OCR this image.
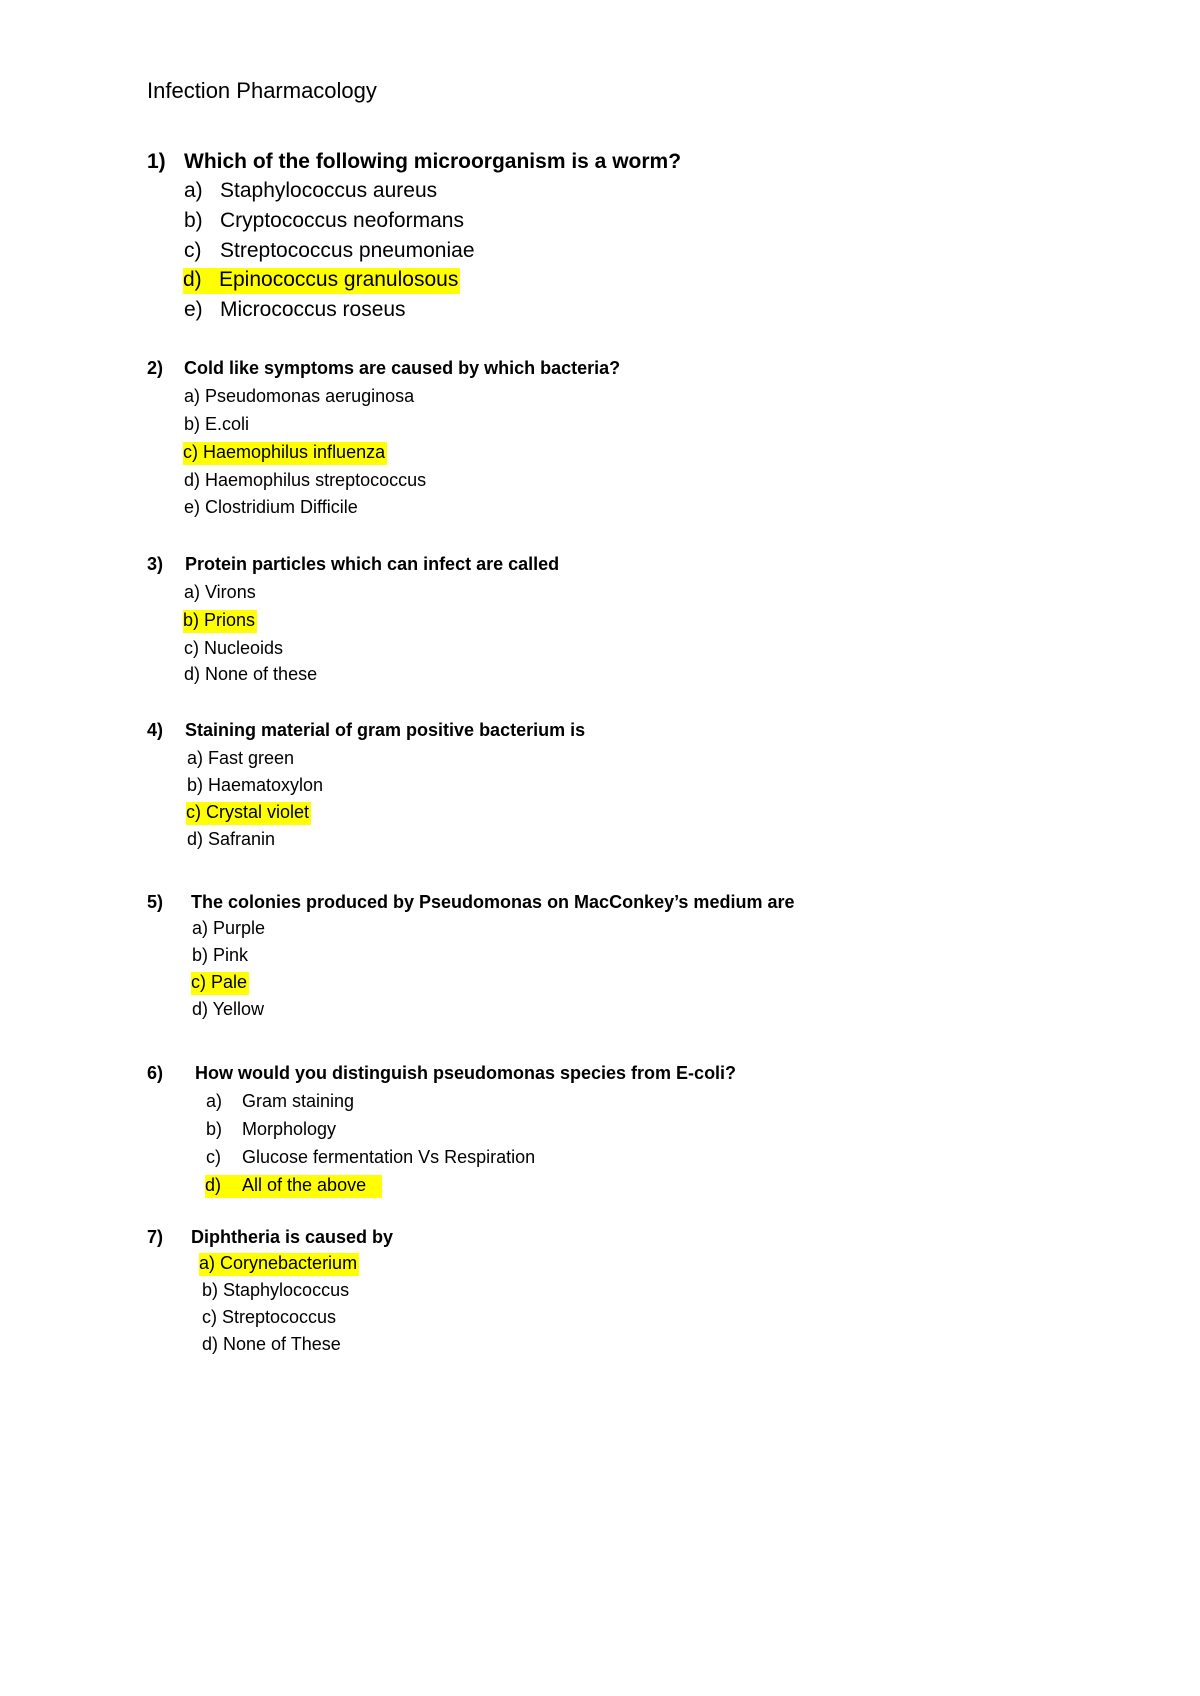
Infection Pharmacology
1) Which of the following microorganism is a worm?
a) Staphylococcus aureus
b) Cryptococcus neoformans
c) Streptococcus pneumoniae
d) Epinococcus granulosous
e) Micrococcus roseus
2) Cold like symptoms are caused by which bacteria?
a) Pseudomonas aeruginosa
b) E.coli
c) Haemophilus influenza
d) Haemophilus streptococcus
e) Clostridium Difficile
3) Protein particles which can infect are called
a) Virons
b) Prions
c) Nucleoids
d) None of these
4) Staining material of gram positive bacterium is
a) Fast green
b) Haematoxylon
c) Crystal violet
d) Safranin
5) The colonies produced by Pseudomonas on MacConkey’s medium are
a) Purple
b) Pink
c) Pale
d) Yellow
6) How would you distinguish pseudomonas species from E-coli?
a) Gram staining
b) Morphology
c) Glucose fermentation Vs Respiration
d) All of the above
7) Diphtheria is caused by
a) Corynebacterium
b) Staphylococcus
c) Streptococcus
d) None of These
